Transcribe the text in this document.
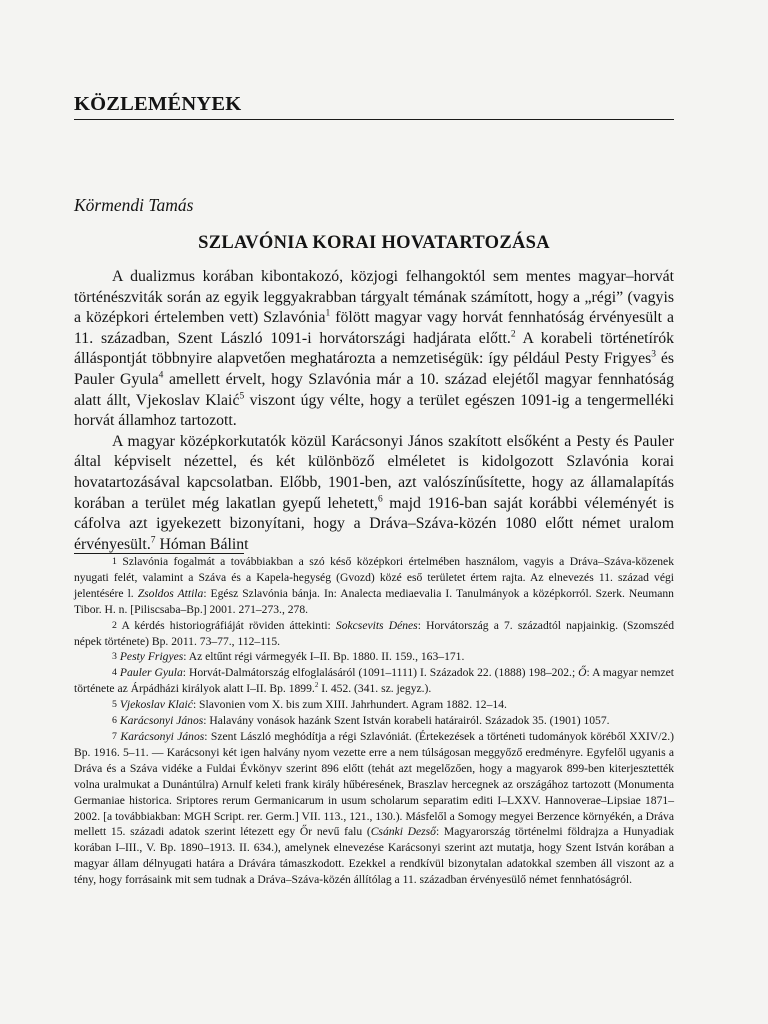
KÖZLEMÉNYEK
Körmendi Tamás
SZLAVÓNIA KORAI HOVATARTOZÁSA

A dualizmus korában kibontakozó, közjogi felhangoktól sem mentes magyar–horvát történészviták során az egyik leggyakrabban tárgyalt témának számított, hogy a „régi” (vagyis a középkori értelemben vett) Szlavónia$^1$ fölött magyar vagy horvát fennhatóság érvényesült a 11. században, Szent László 1091-i horvátországi hadjárata előtt.$^2$ A korabeli történetírók álláspontját többnyire alapvetően meghatározta a nemzetiségük: így például Pesty Frigyes$^3$ és Pauler Gyula$^4$ amellett érvelt, hogy Szlavónia már a 10. század elejétől magyar fennhatóság alatt állt, Vjekoslav Klaić$^5$ viszont úgy vélte, hogy a terület egészen 1091-ig a tengermelléki horvát államhoz tartozott.

A magyar középkorkutatók közül Karácsonyi János szakított elsőként a Pesty és Pauler által képviselt nézettel, és két különböző elméletet is kidolgozott Szlavónia korai hovatartozásával kapcsolatban. Előbb, 1901-ben, azt valószínűsítette, hogy az államalapítás korában a terület még lakatlan gyepű lehetett,$^6$ majd 1916-ban saját korábbi véleményét is cáfolva azt igyekezett bizonyítani, hogy a Dráva–Száva-közén 1080 előtt német uralom érvényesült.$^7$ Hóman Bálint

$^1$ Szlavónia fogalmát a továbbiakban a szó késő középkori értelmében használom, vagyis a Dráva–Száva-közenek nyugati felét, valamint a Száva és a Kapela-hegység (Gvozd) közé eső területet értem rajta. Az elnevezés 11. század végi jelentésére l. Zsoldos Attila: Egész Szlavónia bánja. In: Analecta mediaevalia I. Tanulmányok a középkorról. Szerk. Neumann Tibor. H. n. [Piliscsaba–Bp.] 2001. 271–273., 278.

$^2$ A kérdés historiográfiáját röviden áttekinti: Sokcsevits Dénes: Horvátország a 7. századtól napjainkig. (Szomszéd népek története) Bp. 2011. 73–77., 112–115.

$^3$ Pesty Frigyes: Az eltűnt régi vármegyék I–II. Bp. 1880. II. 159., 163–171.

$^4$ Pauler Gyula: Horvát-Dalmátország elfoglalásáról (1091–1111) I. Századok 22. (1888) 198–202.; Ő: A magyar nemzet története az Árpádházi királyok alatt I–II. Bp. 1899.$^2$ I. 452. (341. sz. jegyz.).

$^5$ Vjekoslav Klaić: Slavonien vom X. bis zum XIII. Jahrhundert. Agram 1882. 12–14.

$^6$ Karácsonyi János: Halavány vonások hazánk Szent István korabeli határairól. Századok 35. (1901) 1057.

$^7$ Karácsonyi János: Szent László meghódítja a régi Szlavóniát. (Értekezések a történeti tudományok köréből XXIV/2.) Bp. 1916. 5–11. — Karácsonyi két igen halvány nyom vezette erre a nem túlságosan meggyőző eredményre. Egyfelől ugyanis a Dráva és a Száva vidéke a Fuldai Évkönyv szerint 896 előtt (tehát azt megelőzően, hogy a magyarok 899-ben kiterjesztették volna uralmukat a Dunántúlra) Arnulf keleti frank király hűbéresének, Braszlav hercegnek az országához tartozott (Monumenta Germaniae historica. Sriptores rerum Germanicarum in usum scholarum separatim editi I–LXXV. Hannoverae–Lipsiae 1871–2002. [a továbbiakban: MGH Script. rer. Germ.] VII. 113., 121., 130.). Másfelől a Somogy megyei Berzence környékén, a Dráva mellett 15. századi adatok szerint létezett egy Őr nevű falu (Csánki Dezső: Magyarország történelmi földrajza a Hunyadiak korában I–III., V. Bp. 1890–1913. II. 634.), amelynek elnevezése Karácsonyi szerint azt mutatja, hogy Szent István korában a magyar állam délnyugati határa a Drávára támaszkodott. Ezekkel a rendkívül bizonytalan adatokkal szemben áll viszont az a tény, hogy forrásaink mit sem tudnak a Dráva–Száva-közén állítólag a 11. században érvényesülő német fennhatóságról.
